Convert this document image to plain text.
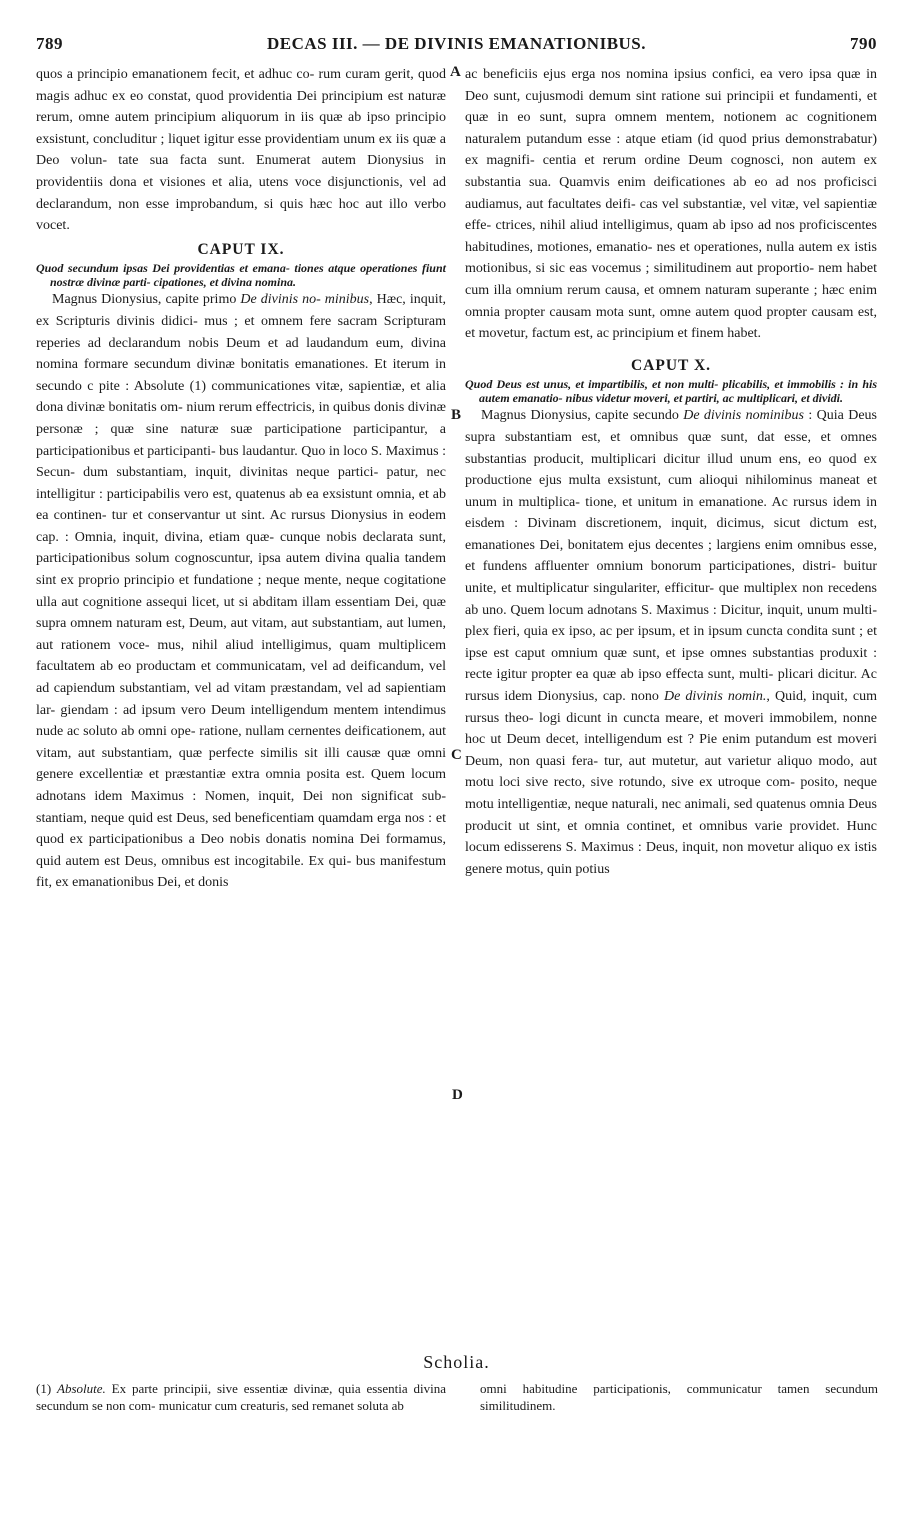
789	DECAS III. — DE DIVINIS EMANATIONIBUS.	790

quos a principio emanationem fecit, et adhuc co- rum curam gerit, quod magis adhuc ex eo constat, quod providentia Dei principium est naturæ rerum, omne autem principium aliquorum in iis quæ ab ipso principio exsistunt, concluditur ; liquet igitur esse providentiam unum ex iis quæ a Deo volun- tate sua facta sunt. Enumerat autem Dionysius in providentiis dona et visiones et alia, utens voce disjunctionis, vel ad declarandum, non esse improbandum, si quis hæc hoc aut illo verbo vocet.

CAPUT IX.

Quod secundum ipsas Dei providentias et emana- tiones atque operationes fiunt nostræ divinæ parti- cipationes, et divina nomina.

Magnus Dionysius, capite primo De divinis no- minibus, Hæc, inquit, ex Scripturis divinis didici- mus ; et omnem fere sacram Scripturam reperies ad declarandum nobis Deum et ad laudandum eum, divina nomina formare secundum divinæ bonitatis emanationes. Et iterum in secundo c pite : Absolute (1) communicationes vitæ, sapientiæ, et alia dona divinæ bonitatis om- nium rerum effectricis, in quibus donis divinæ personæ ; quæ sine naturæ suæ participatione participantur, a participationibus et participanti- bus laudantur. Quo in loco S. Maximus : Secun- dum substantiam, inquit, divinitas neque partici- patur, nec intelligitur : participabilis vero est, quatenus ab ea exsistunt omnia, et ab ea continen- tur et conservantur ut sint. Ac rursus Dionysius in eodem cap. : Omnia, inquit, divina, etiam quæ- cunque nobis declarata sunt, participationibus solum cognoscuntur, ipsa autem divina qualia tandem sint ex proprio principio et fundatione ; neque mente, neque cogitatione ulla aut cognitione assequi licet, ut si abditam illam essentiam Dei, quæ supra omnem naturam est, Deum, aut vitam, aut substantiam, aut lumen, aut rationem voce- mus, nihil aliud intelligimus, quam multiplicem facultatem ab eo productam et communicatam, vel ad deificandum, vel ad capiendum substantiam, vel ad vitam præstandam, vel ad sapientiam lar- giendam : ad ipsum vero Deum intelligendum mentem intendimus nude ac soluto ab omni ope- ratione, nullam cernentes deificationem, aut vitam, aut substantiam, quæ perfecte similis sit illi causæ quæ omni genere excellentiæ et præstantiæ extra omnia posita est. Quem locum adnotans idem Maximus : Nomen, inquit, Dei non significat sub- stantiam, neque quid est Deus, sed beneficentiam quamdam erga nos : et quod ex participationibus a Deo nobis donatis nomina Dei formamus, quid autem est Deus, omnibus est incogitabile. Ex qui- bus manifestum fit, ex emanationibus Dei, et donis

A
B
C
D

ac beneficiis ejus erga nos nomina ipsius confici, ea vero ipsa quæ in Deo sunt, cujusmodi demum sint ratione sui principii et fundamenti, et quæ in eo sunt, supra omnem mentem, notionem ac cognitionem naturalem putandum esse : atque etiam (id quod prius demonstrabatur) ex magnifi- centia et rerum ordine Deum cognosci, non autem ex substantia sua. Quamvis enim deificationes ab eo ad nos proficisci audiamus, aut facultates deifi- cas vel substantiæ, vel vitæ, vel sapientiæ effe- ctrices, nihil aliud intelligimus, quam ab ipso ad nos proficiscentes habitudines, motiones, emanatio- nes et operationes, nulla autem ex istis motionibus, si sic eas vocemus ; similitudinem aut proportio- nem habet cum illa omnium rerum causa, et omnem naturam superante ; hæc enim omnia propter causam mota sunt, omne autem quod propter causam est, et movetur, factum est, ac principium et finem habet.

CAPUT X.

Quod Deus est unus, et impartibilis, et non multi- plicabilis, et immobilis : in his autem emanatio- nibus videtur moveri, et partiri, ac multiplicari, et dividi.

Magnus Dionysius, capite secundo De divinis nominibus : Quia Deus supra substantiam est, et omnibus quæ sunt, dat esse, et omnes substantias producit, multiplicari dicitur illud unum ens, eo quod ex productione ejus multa exsistunt, cum alioqui nihilominus maneat et unum in multiplica- tione, et unitum in emanatione. Ac rursus idem in eisdem : Divinam discretionem, inquit, dicimus, sicut dictum est, emanationes Dei, bonitatem ejus decentes ; largiens enim omnibus esse, et fundens affluenter omnium bonorum participationes, distri- buitur unite, et multiplicatur singulariter, efficitur- que multiplex non recedens ab uno. Quem locum adnotans S. Maximus : Dicitur, inquit, unum multi- plex fieri, quia ex ipso, ac per ipsum, et in ipsum cuncta condita sunt ; et ipse est caput omnium quæ sunt, et ipse omnes substantias produxit : recte igitur propter ea quæ ab ipso effecta sunt, multi- plicari dicitur. Ac rursus idem Dionysius, cap. nono De divinis nomin., Quid, inquit, cum rursus theo- logi dicunt in cuncta meare, et moveri immobilem, nonne hoc ut Deum decet, intelligendum est ? Pie enim putandum est moveri Deum, non quasi fera- tur, aut mutetur, aut varietur aliquo modo, aut motu loci sive recto, sive rotundo, sive ex utroque com- posito, neque motu intelligentiæ, neque naturali, nec animali, sed quatenus omnia Deus producit ut sint, et omnia continet, et omnibus varie providet. Hunc locum edisserens S. Maximus : Deus, inquit, non movetur aliquo ex istis genere motus, quin potius

Scholia.
(1) Absolute. Ex parte principii, sive essentiæ divinæ, quia essentia divina secundum se non com- municatur cum creaturis, sed remanet soluta ab
omni habitudine participationis, communicatur tamen secundum similitudinem.
